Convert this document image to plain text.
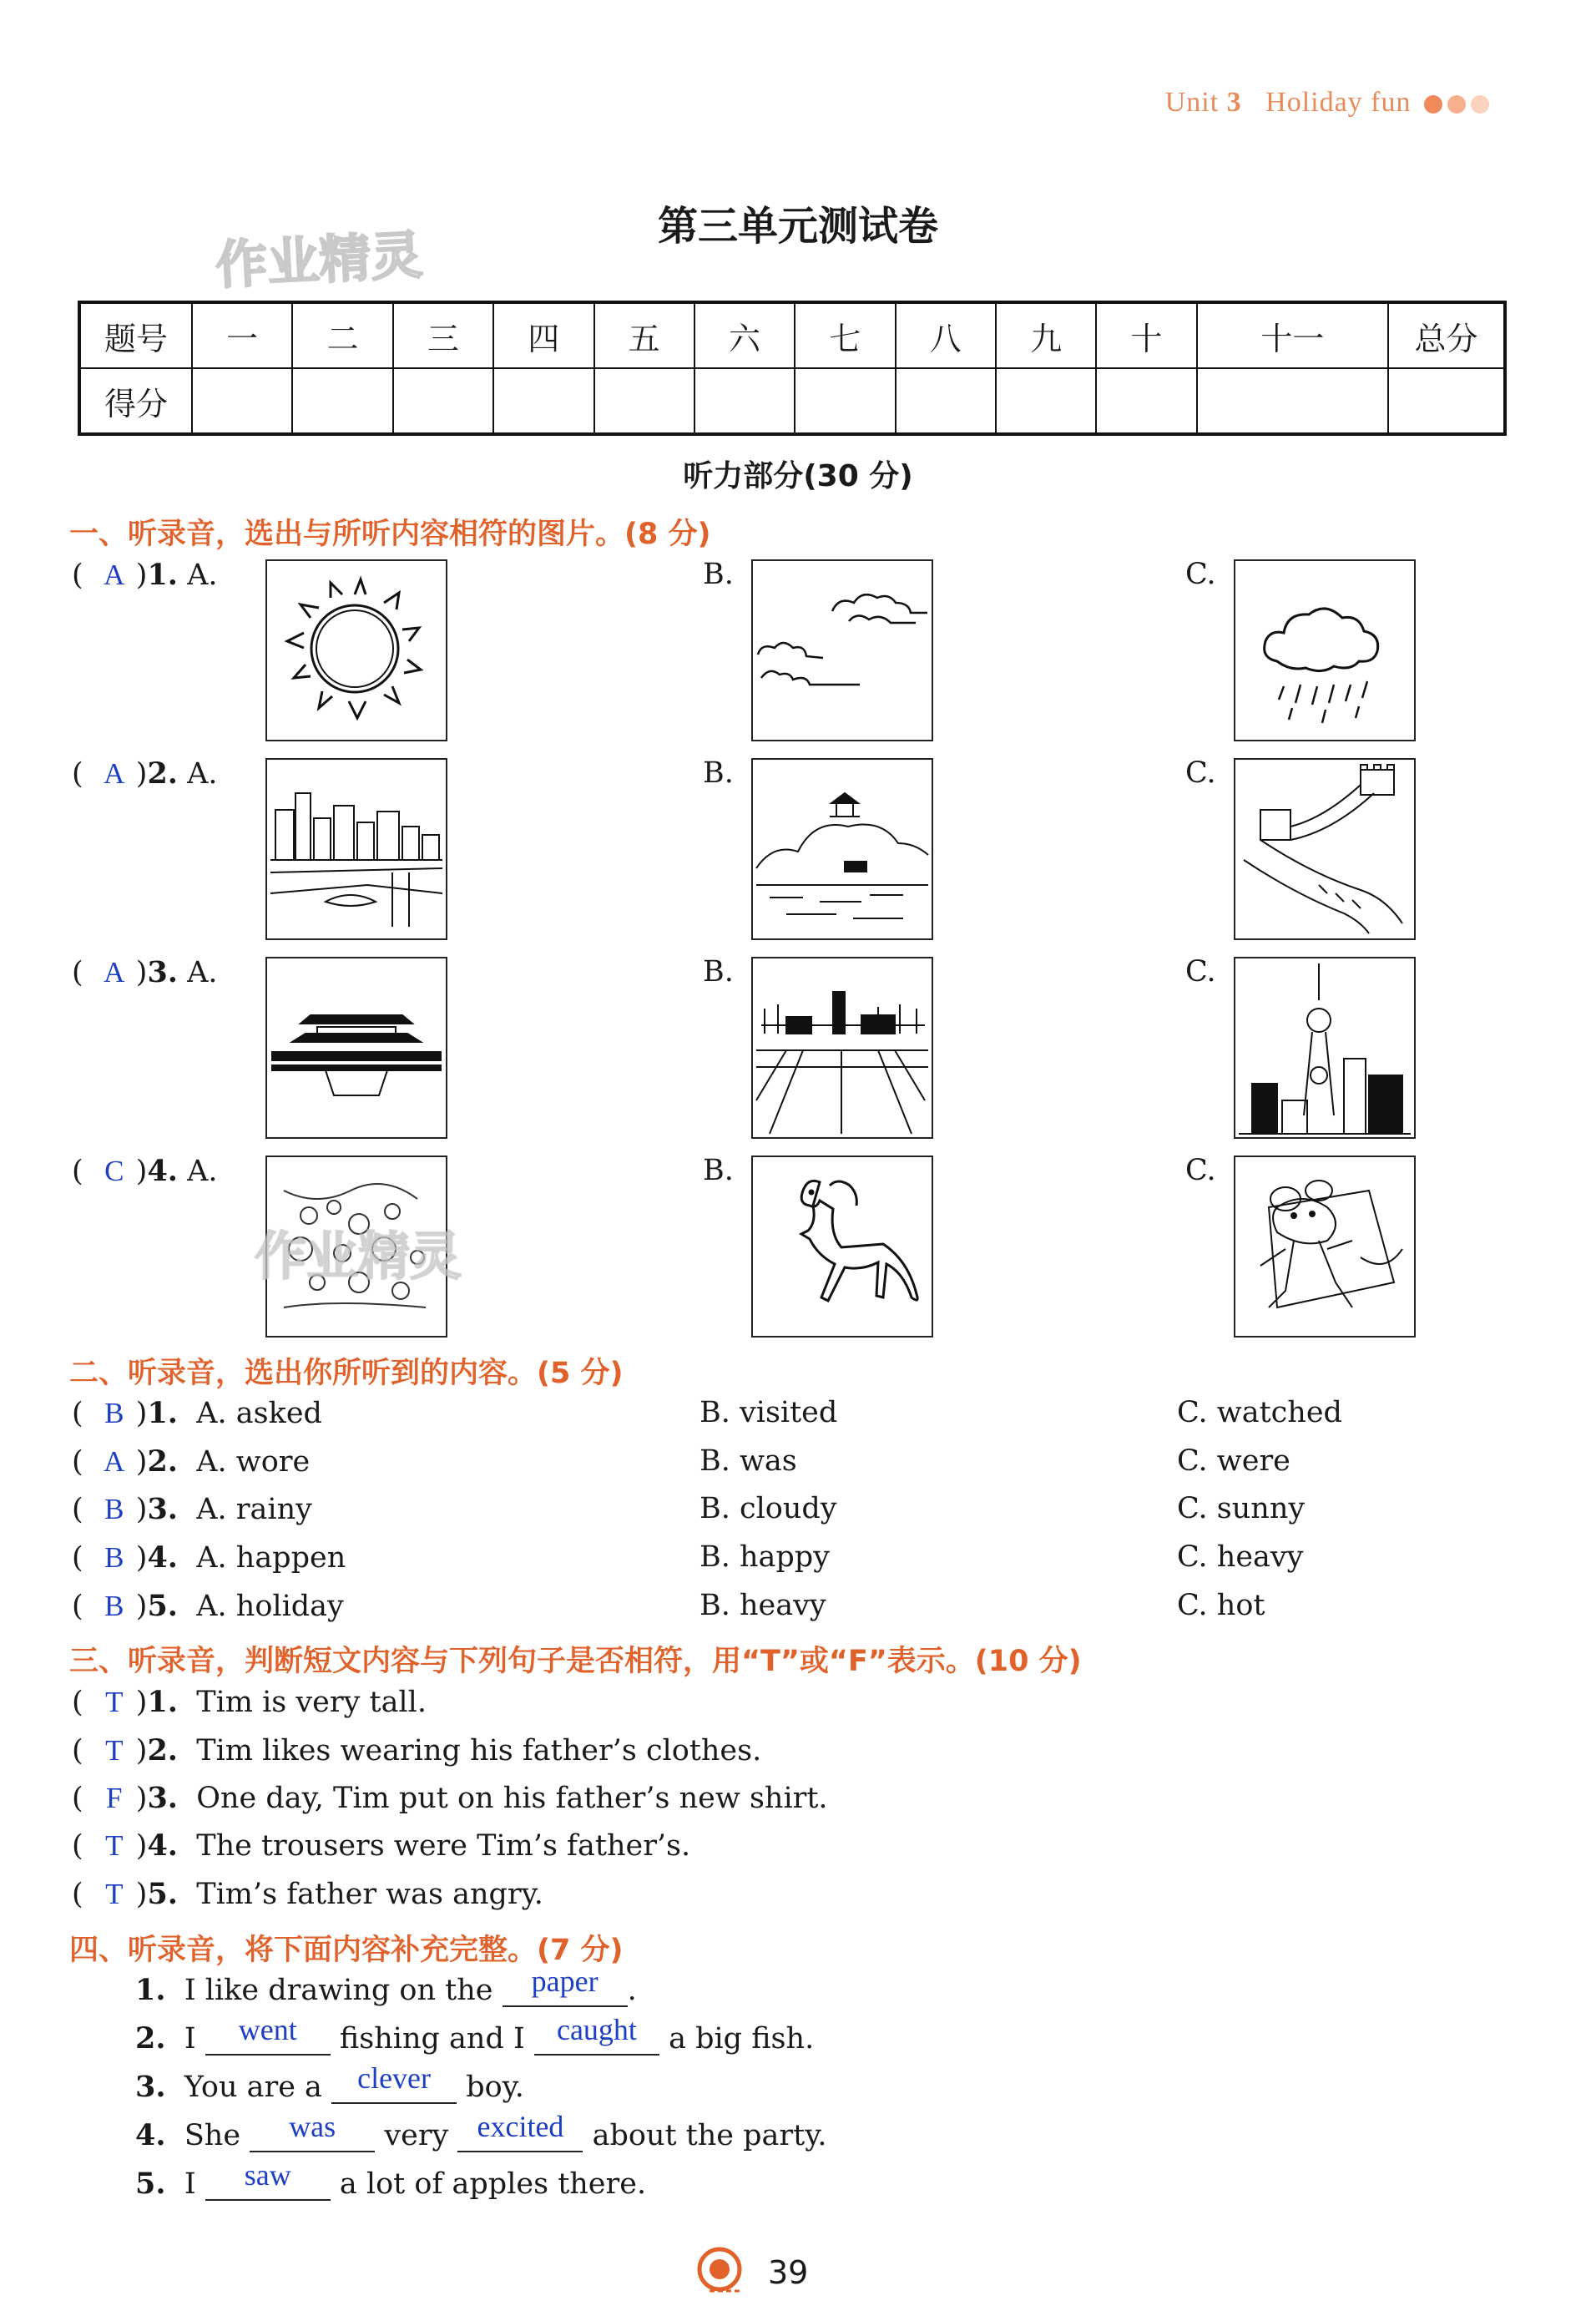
Unit 3 Holiday fun
作业精灵	第三单元测试卷
题号	一	二	三	四	五	六	七	八	九	十	十一	总分
得分												
听力部分(30 分)
一、听录音，选出与所听内容相符的图片。(8 分)
( A )1. A.	B.	C.
( A )2. A.	B.	C.
( A )3. A.	B.	C.
( C )4. A.	B.	C.
作业精灵
二、听录音，选出你所听到的内容。(5 分)
( B )1. A. asked	B. visited	C. watched
( A )2. A. wore	B. was	C. were
( B )3. A. rainy	B. cloudy	C. sunny
( B )4. A. happen	B. happy	C. heavy
( B )5. A. holiday	B. heavy	C. hot
三、听录音，判断短文内容与下列句子是否相符，用“T”或“F”表示。(10 分)
( T )1. Tim is very tall.
( T )2. Tim likes wearing his father’s clothes.
( F )3. One day, Tim put on his father’s new shirt.
( T )4. The trousers were Tim’s father’s.
( T )5. Tim’s father was angry.
四、听录音，将下面内容补充完整。(7 分)
1. I like drawing on the paper .
2. I went fishing and I caught a big fish.
3. You are a clever boy.
4. She was very excited about the party.
5. I saw a lot of apples there.
39
